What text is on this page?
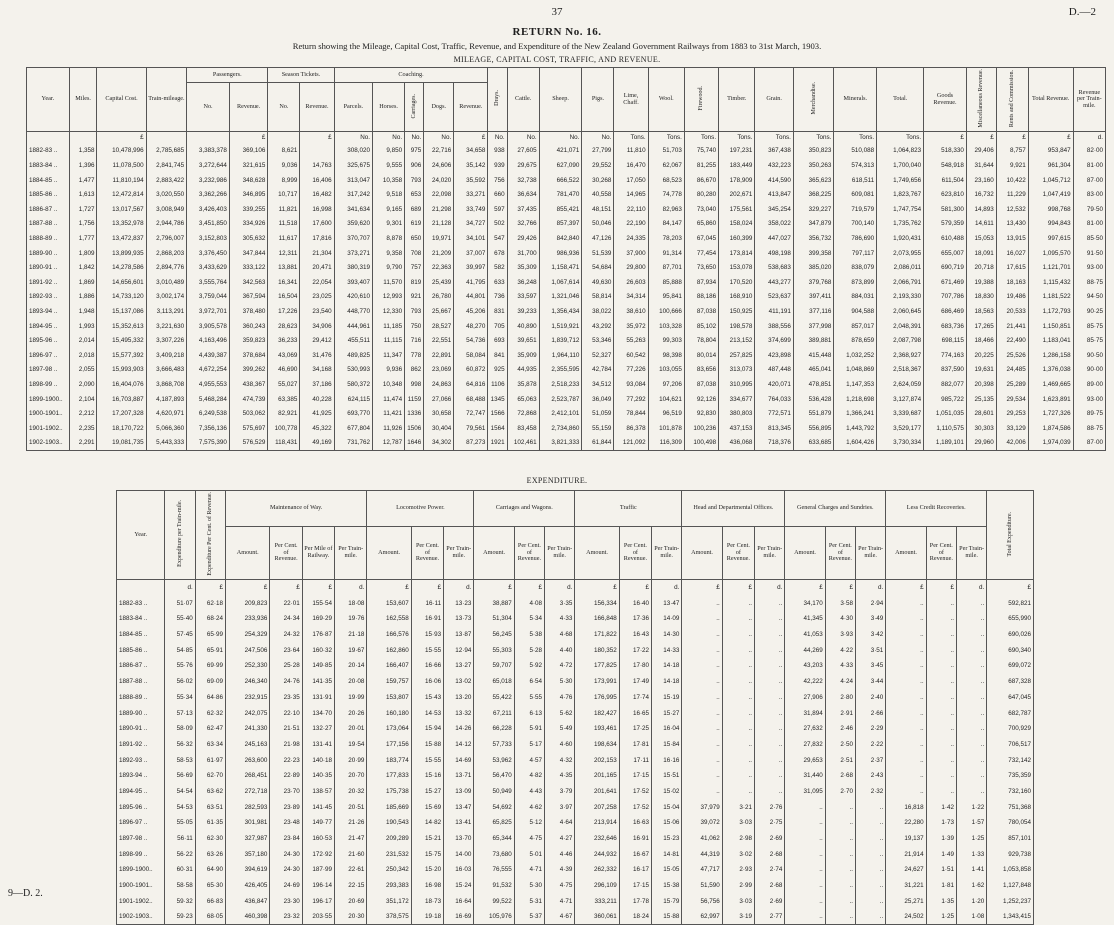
37	D.—2
RETURN No. 16.
Return showing the Mileage, Capital Cost, Traffic, Revenue, and Expenditure of the New Zealand Government Railways from 1883 to 31st March, 1903.
MILEAGE, CAPITAL COST, TRAFFIC, AND REVENUE.
Year.	Miles.	Capital Cost.	Train-mileage.	Passengers.		Season Tickets.		Coaching.					Drays.	Cattle.	Sheep.	Pigs.	Lime, Chaff.	Wool.	Firewood.	Timber.	Grain.	Merchandise.	Minerals.	Total.	Goods Revenue.	Miscellaneous Revenue.	Rents and Commission.	Total Revenue.	Revenue per Train-mile.
				No.	Revenue.	No.	Revenue.	Parcels.	Horses.	Carriages.	Dogs.	Revenue.																	
		£			£		£	No.	No.	No.	No.	£	No.	No.	No.	No.	Tons.	Tons.	Tons.	Tons.	Tons.	Tons.	Tons.	Tons.	£	£	£	£	d.
1882-83 ..	1,358	10,478,996	2,785,685	3,383,378	369,106	8,621		308,020	9,850	975	22,716	34,658	938	27,605	421,071	27,799	11,810	51,703	75,740	197,231	367,438	350,823	510,088	1,064,823	518,330	29,406	8,757	953,847	82·00
1883-84 ..	1,396	11,078,500	2,841,745	3,272,644	321,615	9,036	14,763	325,675	9,555	906	24,606	35,142	939	29,675	627,090	29,552	16,470	62,067	81,255	183,449	432,223	350,263	574,313	1,700,040	548,918	31,644	9,921	961,304	81·00
1884-85 ..	1,477	11,810,194	2,883,422	3,232,986	348,628	8,999	16,406	313,047	10,358	793	24,020	35,592	756	32,738	666,522	30,268	17,050	68,523	86,670	178,909	414,590	365,623	618,511	1,749,656	611,504	23,160	10,422	1,045,712	87·00
1885-86 ..	1,613	12,472,814	3,020,550	3,362,266	346,895	10,717	16,482	317,242	9,518	653	22,098	33,271	660	36,634	781,470	40,558	14,965	74,778	80,280	202,671	413,847	368,225	609,081	1,823,767	623,810	16,732	11,229	1,047,419	83·00
1886-87 ..	1,727	13,017,567	3,008,949	3,426,403	339,255	11,821	16,998	341,634	9,165	689	21,298	33,749	597	37,435	855,421	48,151	22,110	82,963	73,040	175,561	345,254	329,227	719,579	1,747,754	581,300	14,893	12,532	998,768	79·50
1887-88 ..	1,756	13,352,978	2,944,786	3,451,850	334,926	11,518	17,600	359,620	9,301	619	21,128	34,727	502	32,766	857,397	50,046	22,190	84,147	65,860	158,024	358,022	347,879	700,140	1,735,762	579,359	14,611	13,430	994,843	81·00
1888-89 ..	1,777	13,472,837	2,796,007	3,152,803	305,632	11,617	17,816	370,707	8,878	650	19,971	34,101	547	29,426	842,840	47,126	24,335	78,203	67,045	160,399	447,027	356,732	786,690	1,920,431	610,488	15,053	13,915	997,615	85·50
1889-90 ..	1,809	13,899,935	2,868,203	3,376,450	347,844	12,311	21,304	373,271	9,358	708	21,209	37,007	678	31,700	986,936	51,539	37,900	91,314	77,454	173,814	498,198	399,358	797,117	2,073,955	655,007	18,091	16,027	1,095,570	91·50
1890-91 ..	1,842	14,278,586	2,894,776	3,433,629	333,122	13,881	20,471	380,319	9,790	757	22,363	39,997	582	35,309	1,158,471	54,684	29,800	87,701	73,650	153,078	538,683	385,020	838,079	2,086,011	690,719	20,718	17,615	1,121,701	93·00
1891-92 ..	1,869	14,656,601	3,010,489	3,555,764	342,563	16,341	22,054	393,407	11,570	819	25,439	41,795	633	36,248	1,067,614	49,630	26,603	85,888	87,934	170,520	443,277	379,768	873,899	2,066,791	671,469	19,388	18,163	1,115,432	88·75
1892-93 ..	1,886	14,733,120	3,002,174	3,759,044	367,594	16,504	23,025	420,610	12,993	921	26,780	44,801	736	33,597	1,321,046	58,814	34,314	95,841	88,186	168,910	523,637	397,411	884,031	2,193,330	707,786	18,830	19,486	1,181,522	94·50
1893-94 ..	1,948	15,137,086	3,113,291	3,972,701	378,480	17,226	23,540	448,770	12,330	793	25,667	45,206	831	39,233	1,356,434	38,022	38,610	100,666	87,038	150,925	411,191	377,116	904,588	2,060,645	686,469	18,563	20,533	1,172,793	90·25
1894-95 ..	1,993	15,352,613	3,221,630	3,905,578	360,243	28,623	34,906	444,961	11,185	750	28,527	48,270	705	40,890	1,519,921	43,292	35,972	103,328	85,102	198,578	388,556	377,998	857,017	2,048,391	683,736	17,265	21,441	1,150,851	85·75
1895-96 ..	2,014	15,495,332	3,307,226	4,163,496	359,823	36,233	29,412	455,511	11,115	716	22,551	54,736	693	39,651	1,839,712	53,346	55,263	99,303	78,804	213,152	374,699	389,881	878,659	2,087,798	698,115	18,466	22,490	1,183,041	85·75
1896-97 ..	2,018	15,577,392	3,409,218	4,439,387	378,684	43,069	31,476	489,825	11,347	778	22,891	58,084	841	35,909	1,964,110	52,327	60,542	98,398	80,014	257,825	423,898	415,448	1,032,252	2,368,927	774,163	20,225	25,526	1,286,158	90·50
1897-98 ..	2,055	15,993,903	3,666,483	4,672,254	399,262	46,690	34,168	530,993	9,936	862	23,069	60,872	925	44,935	2,355,595	42,784	77,226	103,055	83,656	313,073	487,448	465,041	1,048,869	2,518,367	837,590	19,631	24,485	1,376,038	90·00
1898-99 ..	2,090	16,404,076	3,868,708	4,955,553	438,367	55,027	37,186	580,372	10,348	998	24,863	64,816	1106	35,878	2,518,233	34,512	93,084	97,206	87,038	310,995	420,071	478,851	1,147,353	2,624,059	882,077	20,398	25,289	1,469,665	89·00
1899-1900..	2,104	16,703,887	4,187,893	5,468,284	474,739	63,385	40,228	624,115	11,474	1159	27,066	68,488	1345	65,063	2,523,787	36,049	77,292	104,621	92,126	334,677	764,033	536,428	1,218,698	3,127,874	985,722	25,135	29,534	1,623,891	93·00
1900-1901..	2,212	17,207,328	4,620,971	6,249,538	503,062	82,921	41,925	693,770	11,421	1336	30,658	72,747	1566	72,868	2,412,101	51,059	78,844	96,519	92,830	380,803	772,571	551,879	1,366,241	3,339,687	1,051,035	28,601	29,253	1,727,326	89·75
1901-1902..	2,235	18,170,722	5,066,360	7,356,136	575,697	100,778	45,322	677,804	11,926	1506	30,404	79,561	1564	83,458	2,734,860	55,159	86,378	101,878	100,236	437,153	813,345	556,895	1,443,792	3,529,177	1,110,575	30,303	33,129	1,874,586	88·75
1902-1903..	2,291	19,081,735	5,443,333	7,575,390	576,529	118,431	49,169	731,762	12,787	1646	34,302	87,273	1921	102,461	3,821,333	61,844	121,092	116,309	100,498	436,068	718,376	633,685	1,604,426	3,730,334	1,189,101	29,960	42,006	1,974,039	87·00
EXPENDITURE.
Year.	Expenditure per Train-mile.	Expenditure Per Cent. of Revenue.	Maintenance of Way.				Locomotive Power.			Carriages and Wagons.			Traffic			Head and Departmental Offices.			General Charges and Sundries.			Less Credit Recoveries.			Total Expenditure.
			Amount.	Per Cent. of Revenue.	Per Mile of Railway.	Per Train-mile.	Amount.	Per Cent. of Revenue.	Per Train-mile.	Amount.	Per Cent. of Revenue.	Per Train-mile.	Amount.	Per Cent. of Revenue.	Per Train-mile.	Amount.	Per Cent. of Revenue.	Per Train-mile.	Amount.	Per Cent. of Revenue.	Per Train-mile.	Amount.	Per Cent. of Revenue.	Per Train-mile.	
	d.	£	£	£	£	d.	£	£	d.	£	£	d.	£	£	d.	£	£	d.	£	£	d.	£	£	d.	£
1882-83 ..	51·07	62·18	209,823	22·01	155·54	18·08	153,607	16·11	13·23	38,887	4·08	3·35	156,334	16·40	13·47	..	..	..	34,170	3·58	2·94	..	..	..	592,821
1883-84 ..	55·40	68·24	233,936	24·34	169·29	19·76	162,558	16·91	13·73	51,304	5·34	4·33	166,848	17·36	14·09	..	..	..	41,345	4·30	3·49	..	..	..	655,990
1884-85 ..	57·45	65·99	254,329	24·32	176·87	21·18	166,576	15·93	13·87	56,245	5·38	4·68	171,822	16·43	14·30	..	..	..	41,053	3·93	3·42	..	..	..	690,026
1885-86 ..	54·85	65·91	247,506	23·64	160·32	19·67	162,860	15·55	12·94	55,303	5·28	4·40	180,352	17·22	14·33	..	..	..	44,269	4·22	3·51	..	..	..	690,340
1886-87 ..	55·76	69·99	252,330	25·28	149·85	20·14	166,407	16·66	13·27	59,707	5·92	4·72	177,825	17·80	14·18	..	..	..	43,203	4·33	3·45	..	..	..	699,072
1887-88 ..	56·02	69·09	246,340	24·76	141·35	20·08	159,757	16·06	13·02	65,018	6·54	5·30	173,991	17·49	14·18	..	..	..	42,222	4·24	3·44	..	..	..	687,328
1888-89 ..	55·34	64·86	232,915	23·35	131·91	19·99	153,807	15·43	13·20	55,422	5·55	4·76	176,995	17·74	15·19	..	..	..	27,906	2·80	2·40	..	..	..	647,045
1889-90 ..	57·13	62·32	242,075	22·10	134·70	20·26	160,180	14·53	13·32	67,211	6·13	5·62	182,427	16·65	15·27	..	..	..	31,894	2·91	2·66	..	..	..	682,787
1890-91 ..	58·09	62·47	241,330	21·51	132·27	20·01	173,064	15·94	14·26	66,228	5·91	5·49	193,461	17·25	16·04	..	..	..	27,632	2·46	2·29	..	..	..	700,929
1891-92 ..	56·32	63·34	245,163	21·98	131·41	19·54	177,156	15·88	14·12	57,733	5·17	4·60	198,634	17·81	15·84	..	..	..	27,832	2·50	2·22	..	..	..	706,517
1892-93 ..	58·53	61·97	263,600	22·23	140·18	20·99	183,774	15·55	14·69	53,962	4·57	4·32	202,153	17·11	16·16	..	..	..	29,653	2·51	2·37	..	..	..	732,142
1893-94 ..	56·69	62·70	268,451	22·89	140·35	20·70	177,833	15·16	13·71	56,470	4·82	4·35	201,165	17·15	15·51	..	..	..	31,440	2·68	2·43	..	..	..	735,359
1894-95 ..	54·54	63·62	272,718	23·70	138·57	20·32	175,738	15·27	13·09	50,949	4·43	3·79	201,641	17·52	15·02	..	..	..	31,095	2·70	2·32	..	..	..	732,160
1895-96 ..	54·53	63·51	282,593	23·89	141·45	20·51	185,669	15·69	13·47	54,692	4·62	3·97	207,258	17·52	15·04	37,979	3·21	2·76	..	..	..	16,818	1·42	1·22	751,368
1896-97 ..	55·05	61·35	301,981	23·48	149·77	21·26	190,543	14·82	13·41	65,825	5·12	4·64	213,914	16·63	15·06	39,072	3·03	2·75	..	..	..	22,280	1·73	1·57	780,054
1897-98 ..	56·11	62·30	327,987	23·84	160·53	21·47	209,289	15·21	13·70	65,344	4·75	4·27	232,646	16·91	15·23	41,062	2·98	2·69	..	..	..	19,137	1·39	1·25	857,101
1898-99 ..	56·22	63·26	357,180	24·30	172·92	21·60	231,532	15·75	14·00	73,680	5·01	4·46	244,932	16·67	14·81	44,319	3·02	2·68	..	..	..	21,914	1·49	1·33	929,738
1899-1900..	60·31	64·90	394,619	24·30	187·99	22·61	250,342	15·20	16·03	76,555	4·71	4·39	262,332	16·17	15·05	47,717	2·93	2·74	..	..	..	24,627	1·51	1·41	1,053,858
1900-1901..	58·58	65·30	426,405	24·69	196·14	22·15	293,383	16·98	15·24	91,532	5·30	4·75	296,109	17·15	15·38	51,590	2·99	2·68	..	..	..	31,221	1·81	1·62	1,127,848
1901-1902..	59·32	66·83	436,847	23·30	196·17	20·69	351,172	18·73	16·64	99,522	5·31	4·71	333,211	17·78	15·79	56,756	3·03	2·69	..	..	..	25,271	1·35	1·20	1,252,237
1902-1903..	59·23	68·05	460,398	23·32	203·55	20·30	378,575	19·18	16·69	105,976	5·37	4·67	360,061	18·24	15·88	62,997	3·19	2·77	..	..	..	24,502	1·25	1·08	1,343,415
9—D. 2.
